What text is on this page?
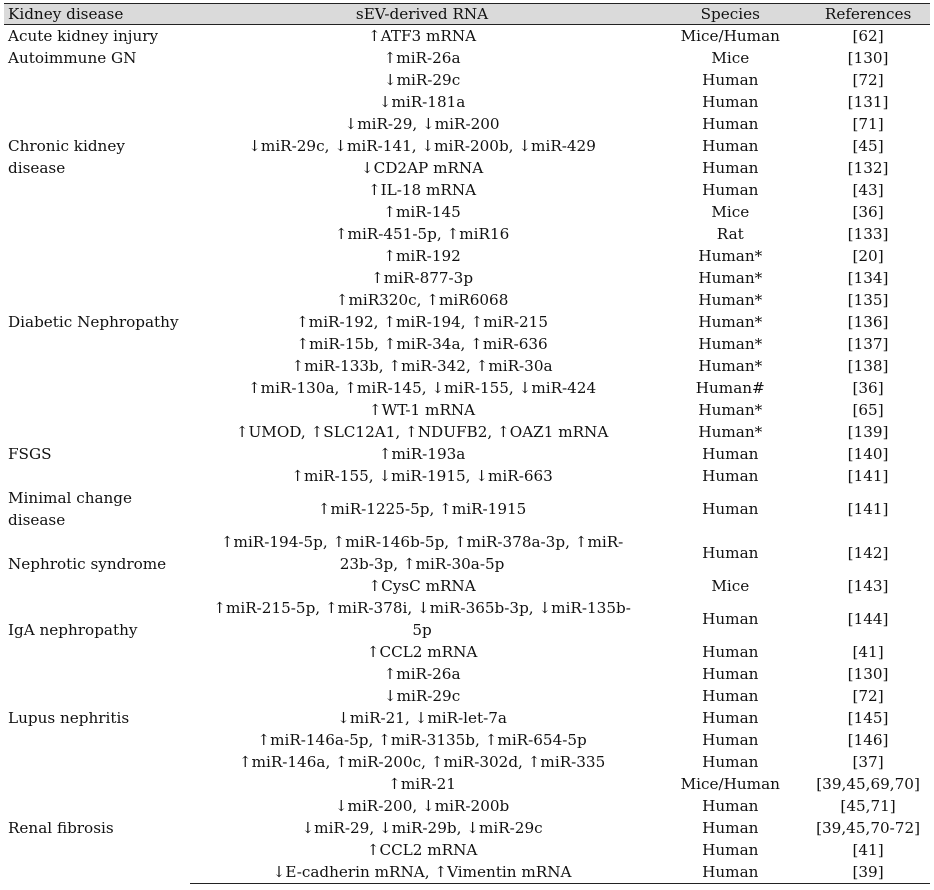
Kidney disease	sEV-derived RNA	Species	References
Acute kidney injury	↑ATF3 mRNA	Mice/Human	[62]
Autoimmune GN	↑miR-26a	Mice	[130]
	↓miR-29c	Human	[72]
	↓miR-181a	Human	[131]
Chronic kidney disease	↓miR-29, ↓miR-200	Human	[71]
	↓miR-29c, ↓miR-141, ↓miR-200b, ↓miR-429	Human	[45]
	↓CD2AP mRNA	Human	[132]
	↑IL-18 mRNA	Human	[43]
Diabetic Nephropathy	↑miR-145	Mice	[36]
	↑miR-451-5p, ↑miR16	Rat	[133]
	↑miR-192	Human*	[20]
	↑miR-877-3p	Human*	[134]
	↑miR320c, ↑miR6068	Human*	[135]
	↑miR-192, ↑miR-194, ↑miR-215	Human*	[136]
	↑miR-15b, ↑miR-34a, ↑miR-636	Human*	[137]
	↑miR-133b, ↑miR-342, ↑miR-30a	Human*	[138]
	↑miR-130a, ↑miR-145, ↓miR-155, ↓miR-424	Human#	[36]
	↑WT-1 mRNA	Human*	[65]
	↑UMOD, ↑SLC12A1, ↑NDUFB2, ↑OAZ1 mRNA	Human*	[139]
FSGS	↑miR-193a	Human	[140]
	↑miR-155, ↓miR-1915, ↓miR-663	Human	[141]
Minimal change disease	↑miR-1225-5p, ↑miR-1915	Human	[141]
Nephrotic syndrome	↑miR-194-5p, ↑miR-146b-5p, ↑miR-378a-3p, ↑miR-23b-3p, ↑miR-30a-5p	Human	[142]
	↑CysC mRNA	Mice	[143]
IgA nephropathy	↑miR-215-5p, ↑miR-378i, ↓miR-365b-3p, ↓miR-135b-5p	Human	[144]
	↑CCL2 mRNA	Human	[41]
Lupus nephritis	↑miR-26a	Human	[130]
	↓miR-29c	Human	[72]
	↓miR-21, ↓miR-let-7a	Human	[145]
	↑miR-146a-5p, ↑miR-3135b, ↑miR-654-5p	Human	[146]
	↑miR-146a, ↑miR-200c, ↑miR-302d, ↑miR-335	Human	[37]
Renal fibrosis	↑miR-21	Mice/Human	[39,45,69,70]
	↓miR-200, ↓miR-200b	Human	[45,71]
	↓miR-29, ↓miR-29b, ↓miR-29c	Human	[39,45,70-72]
	↑CCL2 mRNA	Human	[41]
	↓E-cadherin mRNA, ↑Vimentin mRNA	Human	[39]
